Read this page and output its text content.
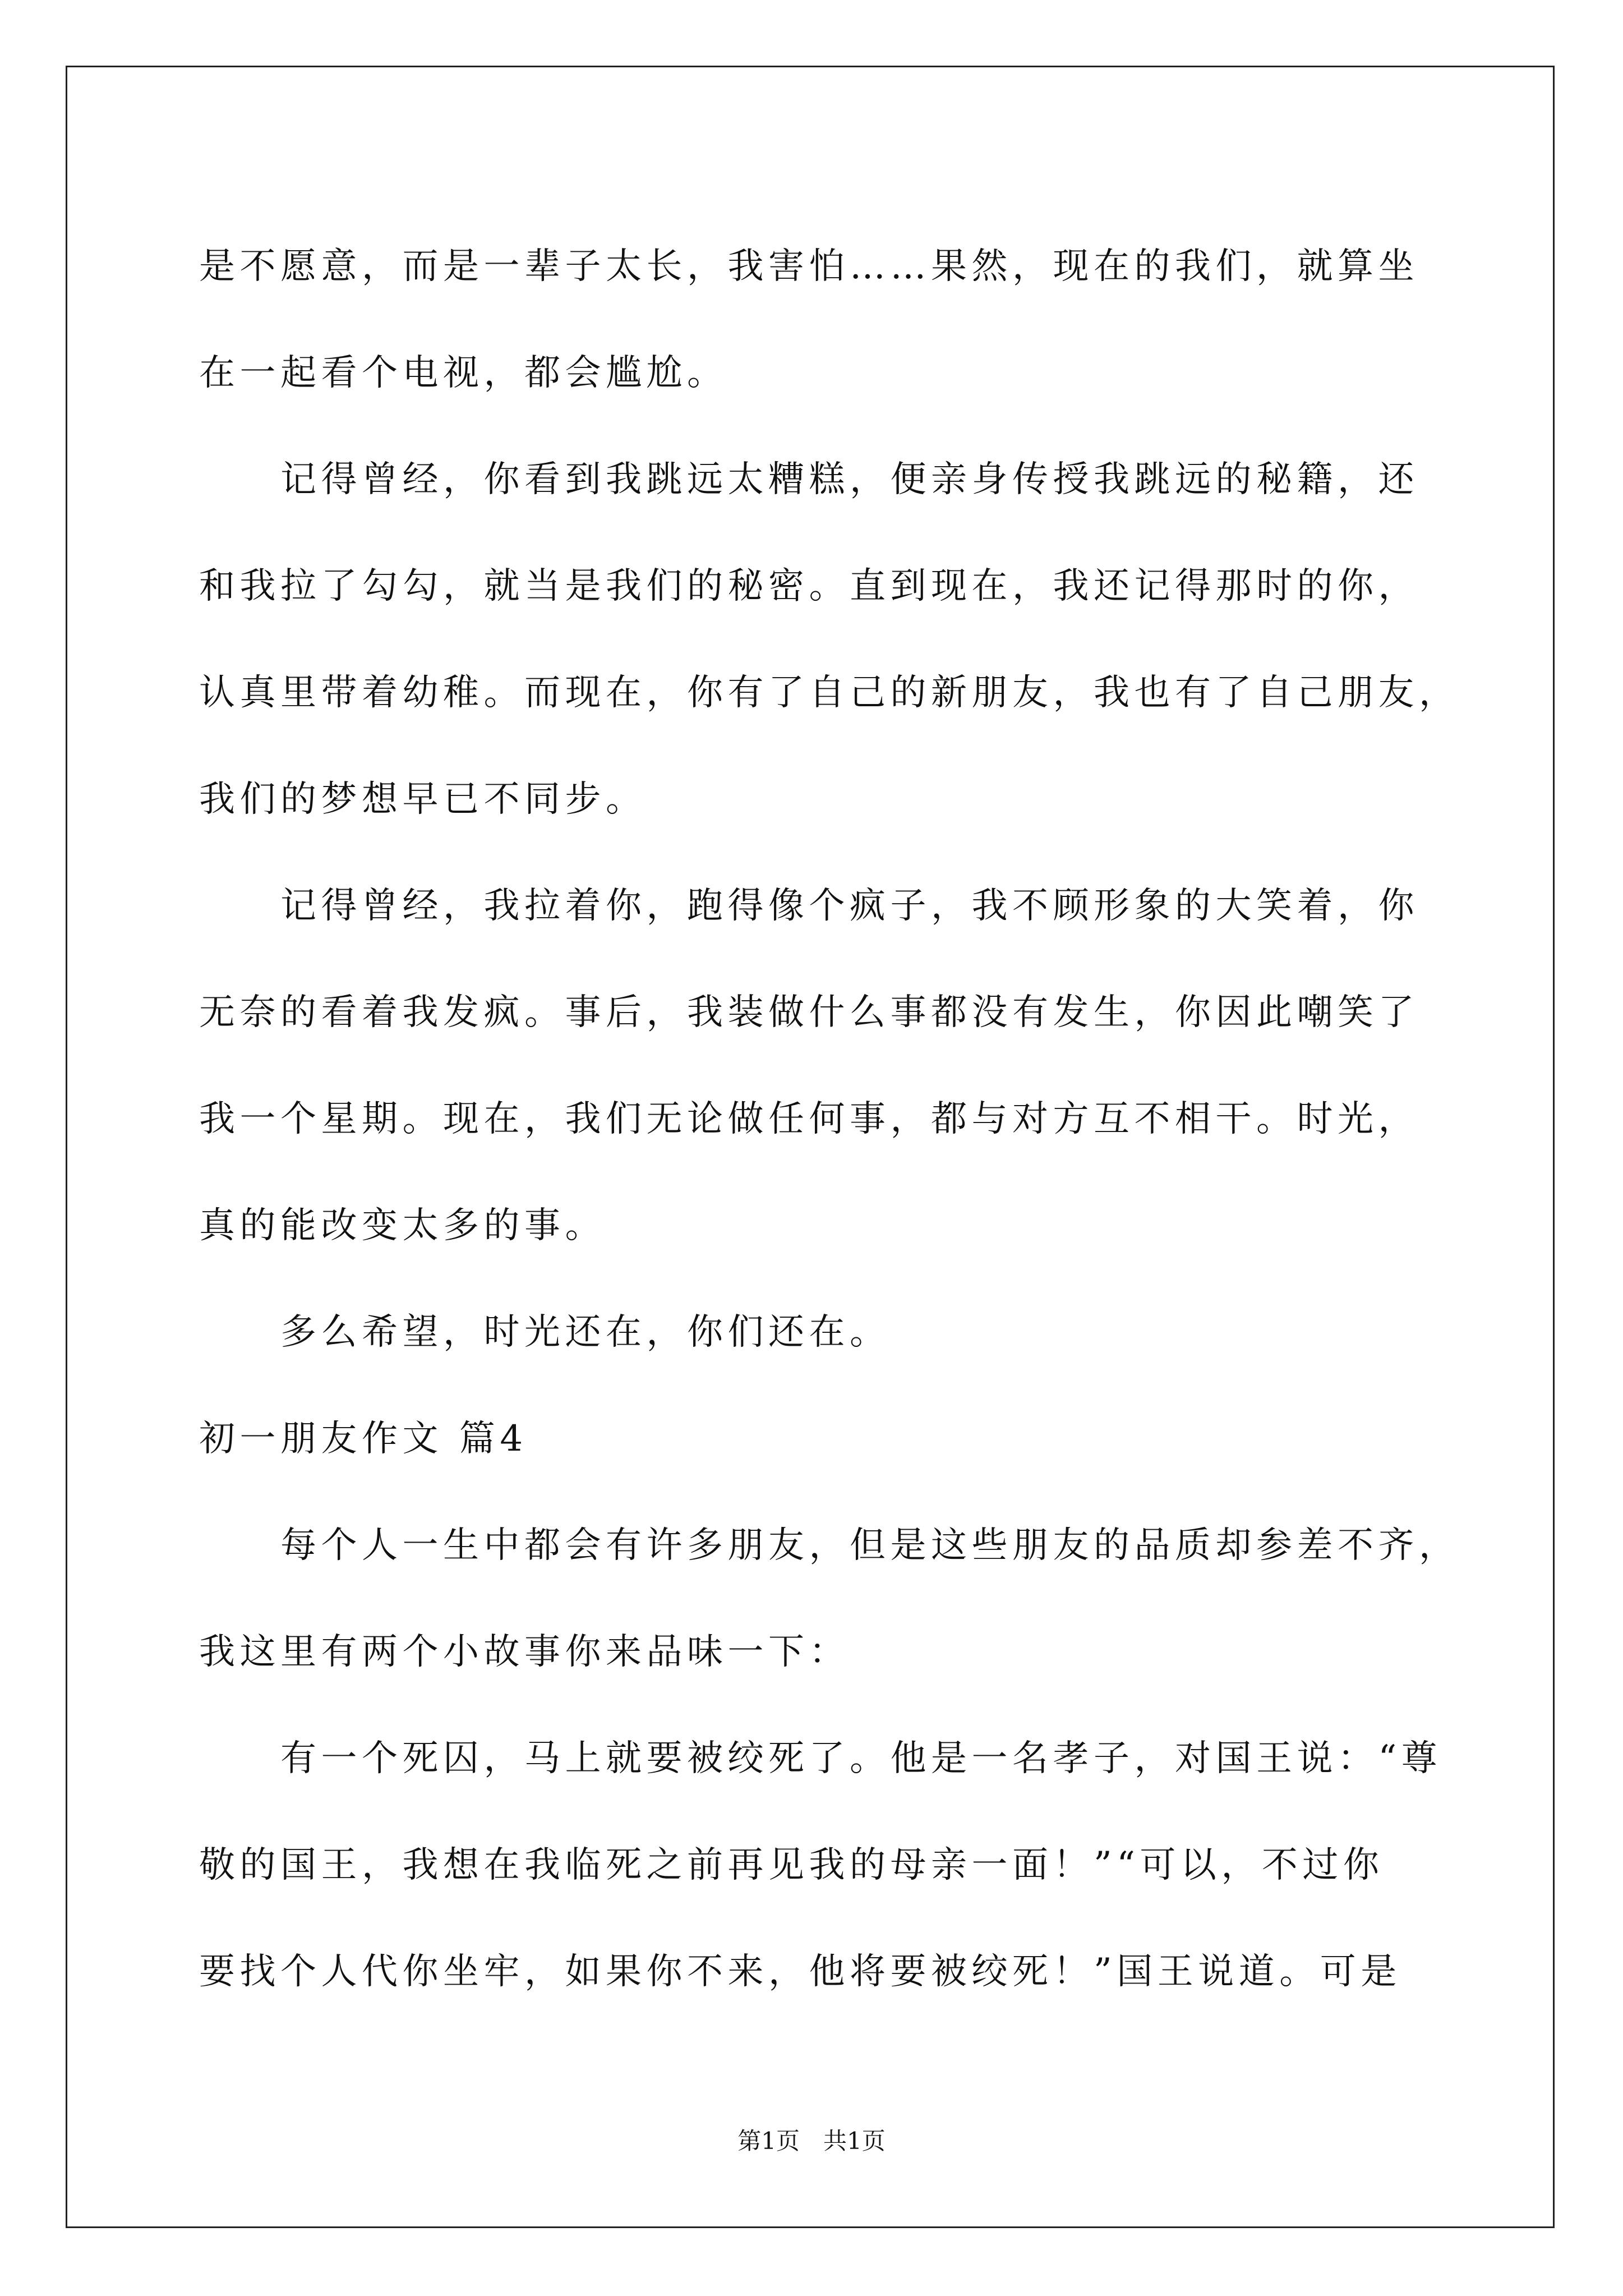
是不愿意，而是一辈子太长，我害怕……果然，现在的我们，就算坐
在一起看个电视，都会尴尬。
记得曾经，你看到我跳远太糟糕，便亲身传授我跳远的秘籍，还
和我拉了勾勾，就当是我们的秘密。直到现在，我还记得那时的你，
认真里带着幼稚。而现在，你有了自己的新朋友，我也有了自己朋友，
我们的梦想早已不同步。
记得曾经，我拉着你，跑得像个疯子，我不顾形象的大笑着，你
无奈的看着我发疯。事后，我装做什么事都没有发生，你因此嘲笑了
我一个星期。现在，我们无论做任何事，都与对方互不相干。时光，
真的能改变太多的事。
多么希望，时光还在，你们还在。
初一朋友作文 篇4
每个人一生中都会有许多朋友，但是这些朋友的品质却参差不齐，
我这里有两个小故事你来品味一下：
有一个死囚，马上就要被绞死了。他是一名孝子，对国王说：“尊
敬的国王，我想在我临死之前再见我的母亲一面！”“可以，不过你
要找个人代你坐牢，如果你不来，他将要被绞死！”国王说道。可是
第1页　共1页
